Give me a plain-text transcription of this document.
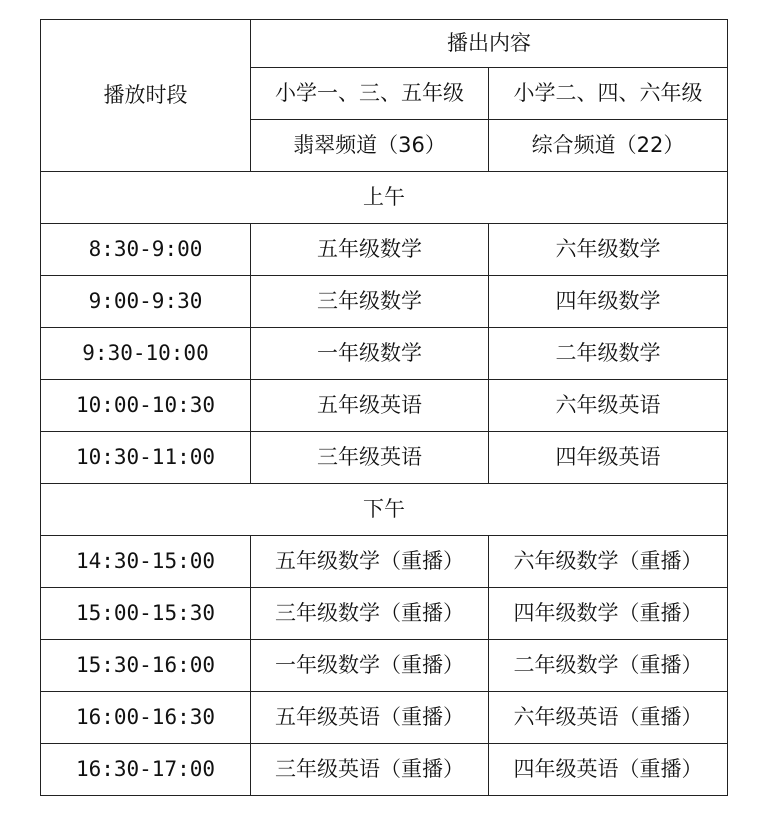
播放时段	播出内容	
	小学一、三、五年级	小学二、四、六年级
	翡翠频道（36）	综合频道（22）
上午		
8:30-9:00	五年级数学	六年级数学
9:00-9:30	三年级数学	四年级数学
9:30-10:00	一年级数学	二年级数学
10:00-10:30	五年级英语	六年级英语
10:30-11:00	三年级英语	四年级英语
下午		
14:30-15:00	五年级数学（重播）	六年级数学（重播）
15:00-15:30	三年级数学（重播）	四年级数学（重播）
15:30-16:00	一年级数学（重播）	二年级数学（重播）
16:00-16:30	五年级英语（重播）	六年级英语（重播）
16:30-17:00	三年级英语（重播）	四年级英语（重播）
